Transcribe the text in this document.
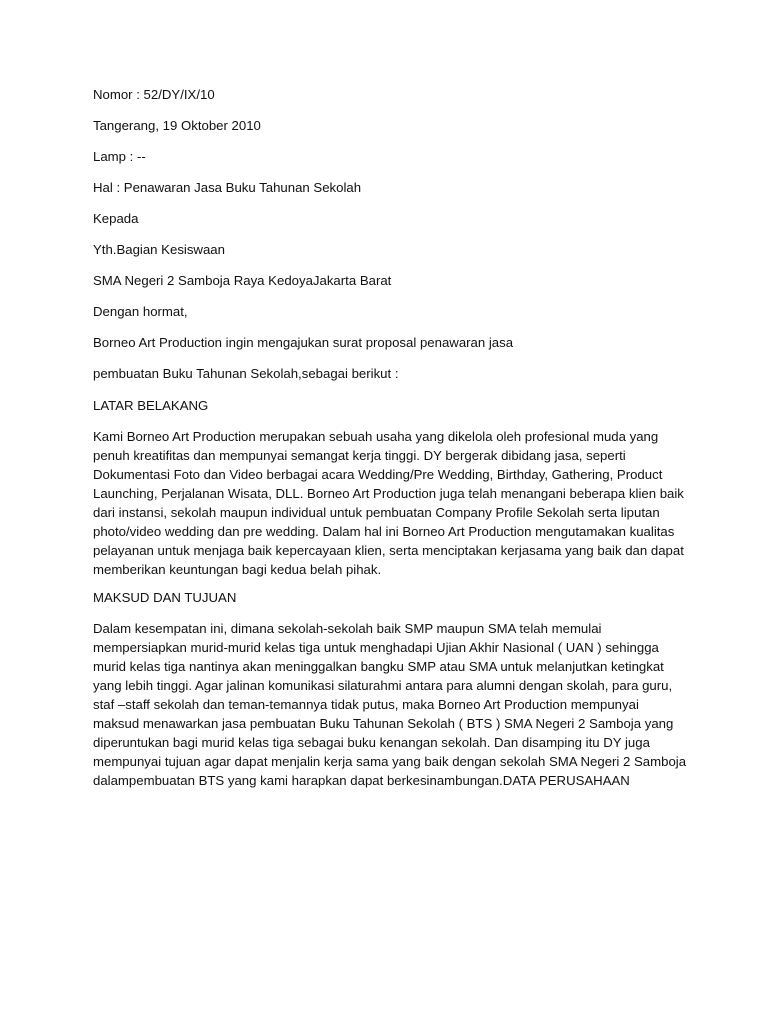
Nomor : 52/DY/IX/10
Tangerang, 19 Oktober 2010
Lamp : --
Hal : Penawaran Jasa Buku Tahunan Sekolah
Kepada
Yth.Bagian Kesiswaan
SMA Negeri 2 Samboja Raya KedoyaJakarta Barat
Dengan hormat,
Borneo Art Production ingin mengajukan surat proposal penawaran jasa
pembuatan Buku Tahunan Sekolah,sebagai berikut :
LATAR BELAKANG
Kami Borneo Art Production merupakan sebuah usaha yang dikelola oleh profesional muda yang
penuh kreatifitas dan mempunyai semangat kerja tinggi. DY bergerak dibidang jasa, seperti
Dokumentasi Foto dan Video berbagai acara Wedding/Pre Wedding, Birthday, Gathering, Product
Launching, Perjalanan Wisata, DLL. Borneo Art Production juga telah menangani beberapa klien baik
dari instansi, sekolah maupun individual untuk pembuatan Company Profile Sekolah serta liputan
photo/video wedding dan pre wedding. Dalam hal ini Borneo Art Production mengutamakan kualitas
pelayanan untuk menjaga baik kepercayaan klien, serta menciptakan kerjasama yang baik dan dapat
memberikan keuntungan bagi kedua belah pihak.
MAKSUD DAN TUJUAN
Dalam kesempatan ini, dimana sekolah-sekolah baik SMP maupun SMA telah memulai
mempersiapkan murid-murid kelas tiga untuk menghadapi Ujian Akhir Nasional ( UAN ) sehingga
murid kelas tiga nantinya akan meninggalkan bangku SMP atau SMA untuk melanjutkan ketingkat
yang lebih tinggi. Agar jalinan komunikasi silaturahmi antara para alumni dengan skolah, para guru,
staf –staff sekolah dan teman-temannya tidak putus, maka Borneo Art Production mempunyai
maksud menawarkan jasa pembuatan Buku Tahunan Sekolah ( BTS ) SMA Negeri 2 Samboja yang
diperuntukan bagi murid kelas tiga sebagai buku kenangan sekolah. Dan disamping itu DY juga
mempunyai tujuan agar dapat menjalin kerja sama yang baik dengan sekolah SMA Negeri 2 Samboja
dalampembuatan BTS yang kami harapkan dapat berkesinambungan.DATA PERUSAHAAN
